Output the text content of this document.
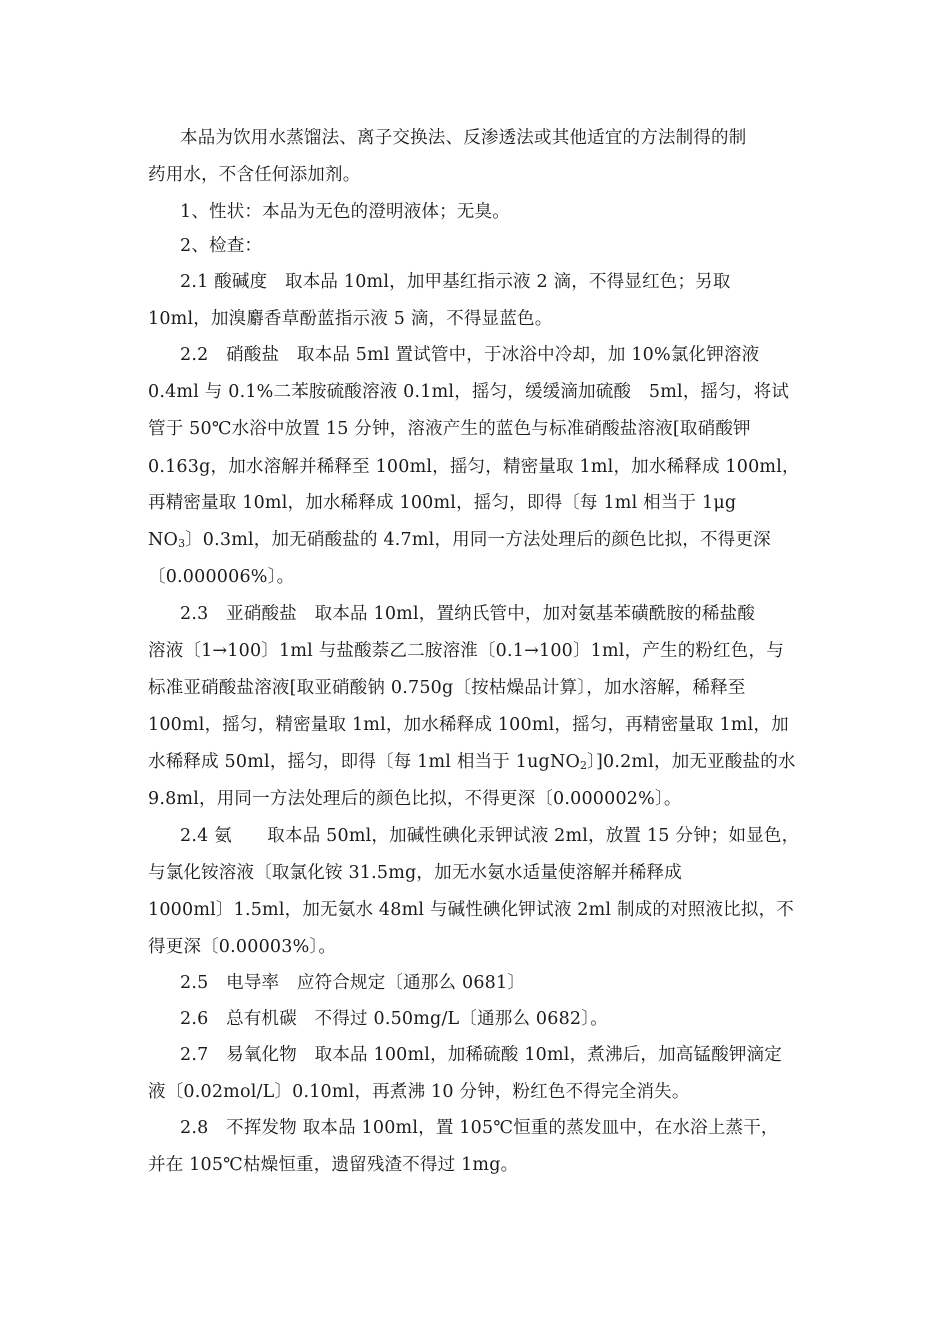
本品为饮用水蒸馏法、离子交换法、反渗透法或其他适宜的方法制得的制
药用水，不含任何添加剂。
1、性状：本品为无色的澄明液体；无臭。
2、检查：
2.1 酸碱度　取本品 10ml，加甲基红指示液 2 滴，不得显红色；另取
10ml，加溴麝香草酚蓝指示液 5 滴，不得显蓝色。
2.2　硝酸盐　取本品 5ml 置试管中，于冰浴中冷却，加 10%氯化钾溶液
0.4ml 与 0.1%二苯胺硫酸溶液 0.1ml，摇匀，缓缓滴加硫酸　5ml，摇匀，将试
管于 50℃水浴中放置 15 分钟，溶液产生的蓝色与标准硝酸盐溶液[取硝酸钾
0.163g，加水溶解并稀释至 100ml，摇匀，精密量取 1ml，加水稀释成 100ml，
再精密量取 10ml，加水稀释成 100ml，摇匀，即得〔每 1ml 相当于 1μg
NO3〕0.3ml，加无硝酸盐的 4.7ml，用同一方法处理后的颜色比拟，不得更深
〔0.000006%〕。
2.3　亚硝酸盐　取本品 10ml，置纳氏管中，加对氨基苯磺酰胺的稀盐酸
溶液〔1→100〕1ml 与盐酸萘乙二胺溶淮〔0.1→100〕1ml，产生的粉红色，与
标准亚硝酸盐溶液[取亚硝酸钠 0.750g〔按枯燥品计算〕，加水溶解，稀释至
100ml，摇匀，精密量取 1ml，加水稀释成 100ml，摇匀，再精密量取 1ml，加
水稀释成 50ml，摇匀，即得〔每 1ml 相当于 1ugNO2〕]0.2ml，加无亚酸盐的水
9.8ml，用同一方法处理后的颜色比拟，不得更深〔0.000002%〕。
2.4 氨　　取本品 50ml，加碱性碘化汞钾试液 2ml，放置 15 分钟；如显色，
与氯化铵溶液〔取氯化铵 31.5mg，加无水氨水适量使溶解并稀释成
1000ml〕1.5ml，加无氨水 48ml 与碱性碘化钾试液 2ml 制成的对照液比拟，不
得更深〔0.00003%〕。
2.5　电导率　应符合规定〔通那么 0681〕
2.6　总有机碳　不得过 0.50mg/L〔通那么 0682〕。
2.7　易氧化物　取本品 100ml，加稀硫酸 10ml，煮沸后，加高锰酸钾滴定
液〔0.02mol/L〕0.10ml，再煮沸 10 分钟，粉红色不得完全消失。
2.8　不挥发物 取本品 100ml，置 105℃恒重的蒸发皿中，在水浴上蒸干，
并在 105℃枯燥恒重，遗留残渣不得过 1mg。
